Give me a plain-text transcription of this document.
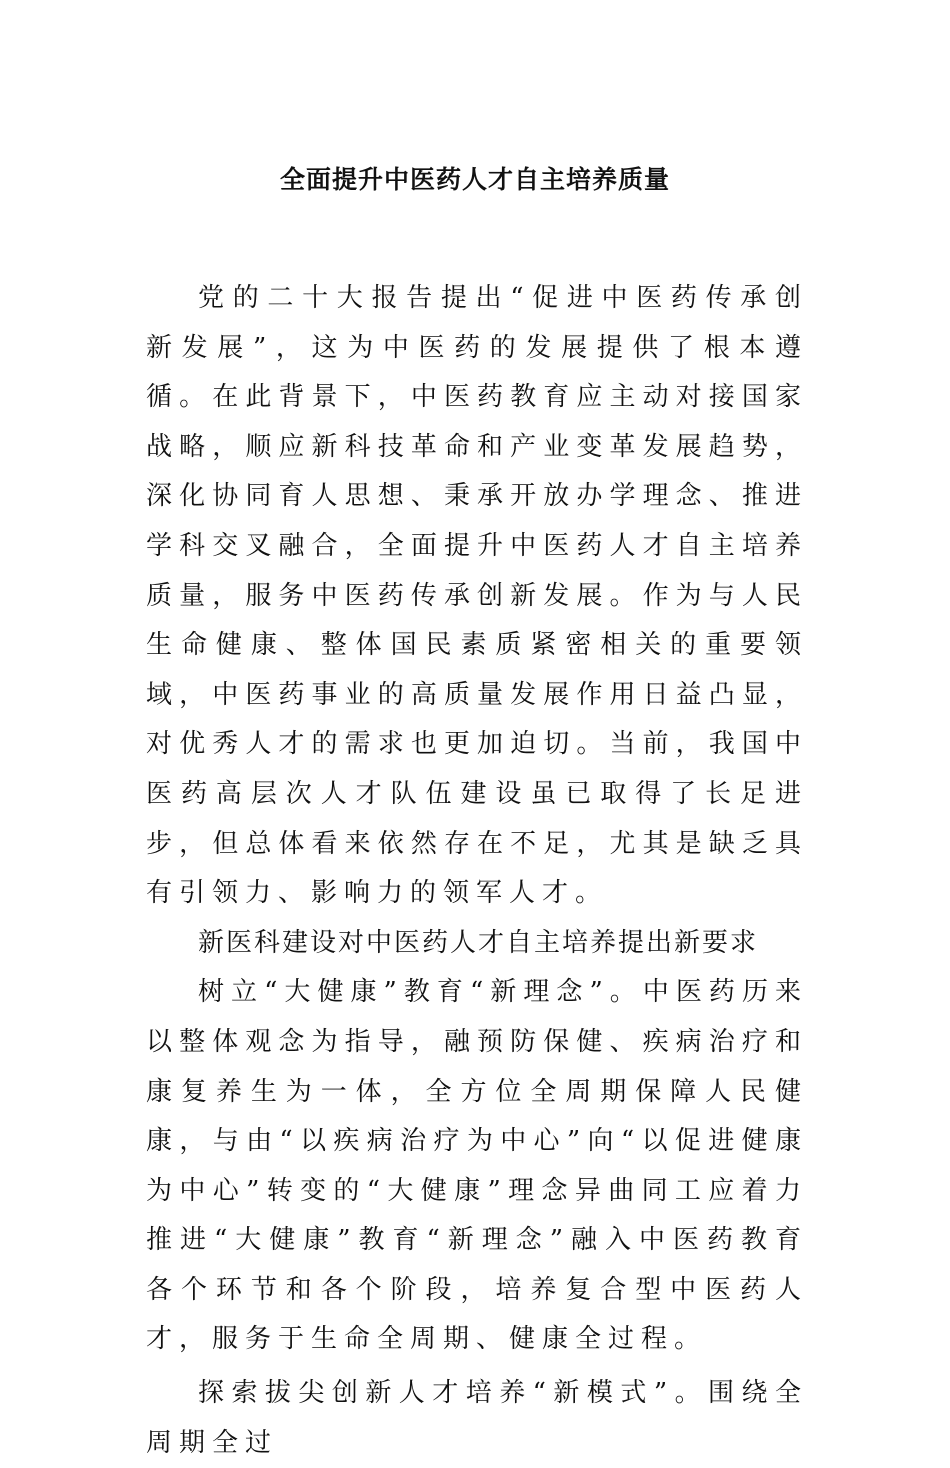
全面提升中医药人才自主培养质量

党的二十大报告提出“促进中医药传承创新发展”，这为中医药的发展提供了根本遵循。在此背景下，中医药教育应主动对接国家战略，顺应新科技革命和产业变革发展趋势，深化协同育人思想、秉承开放办学理念、推进学科交叉融合，全面提升中医药人才自主培养质量，服务中医药传承创新发展。作为与人民生命健康、整体国民素质紧密相关的重要领域，中医药事业的高质量发展作用日益凸显，对优秀人才的需求也更加迫切。当前，我国中医药高层次人才队伍建设虽已取得了长足进步，但总体看来依然存在不足，尤其是缺乏具有引领力、影响力的领军人才。

新医科建设对中医药人才自主培养提出新要求

树立“大健康”教育“新理念”。中医药历来以整体观念为指导，融预防保健、疾病治疗和康复养生为一体，全方位全周期保障人民健康，与由“以疾病治疗为中心”向“以促进健康为中心”转变的“大健康”理念异曲同工应着力推进“大健康”教育“新理念”融入中医药教育各个环节和各个阶段，培养复合型中医药人才，服务于生命全周期、健康全过程。

探索拔尖创新人才培养“新模式”。围绕全周期全过
